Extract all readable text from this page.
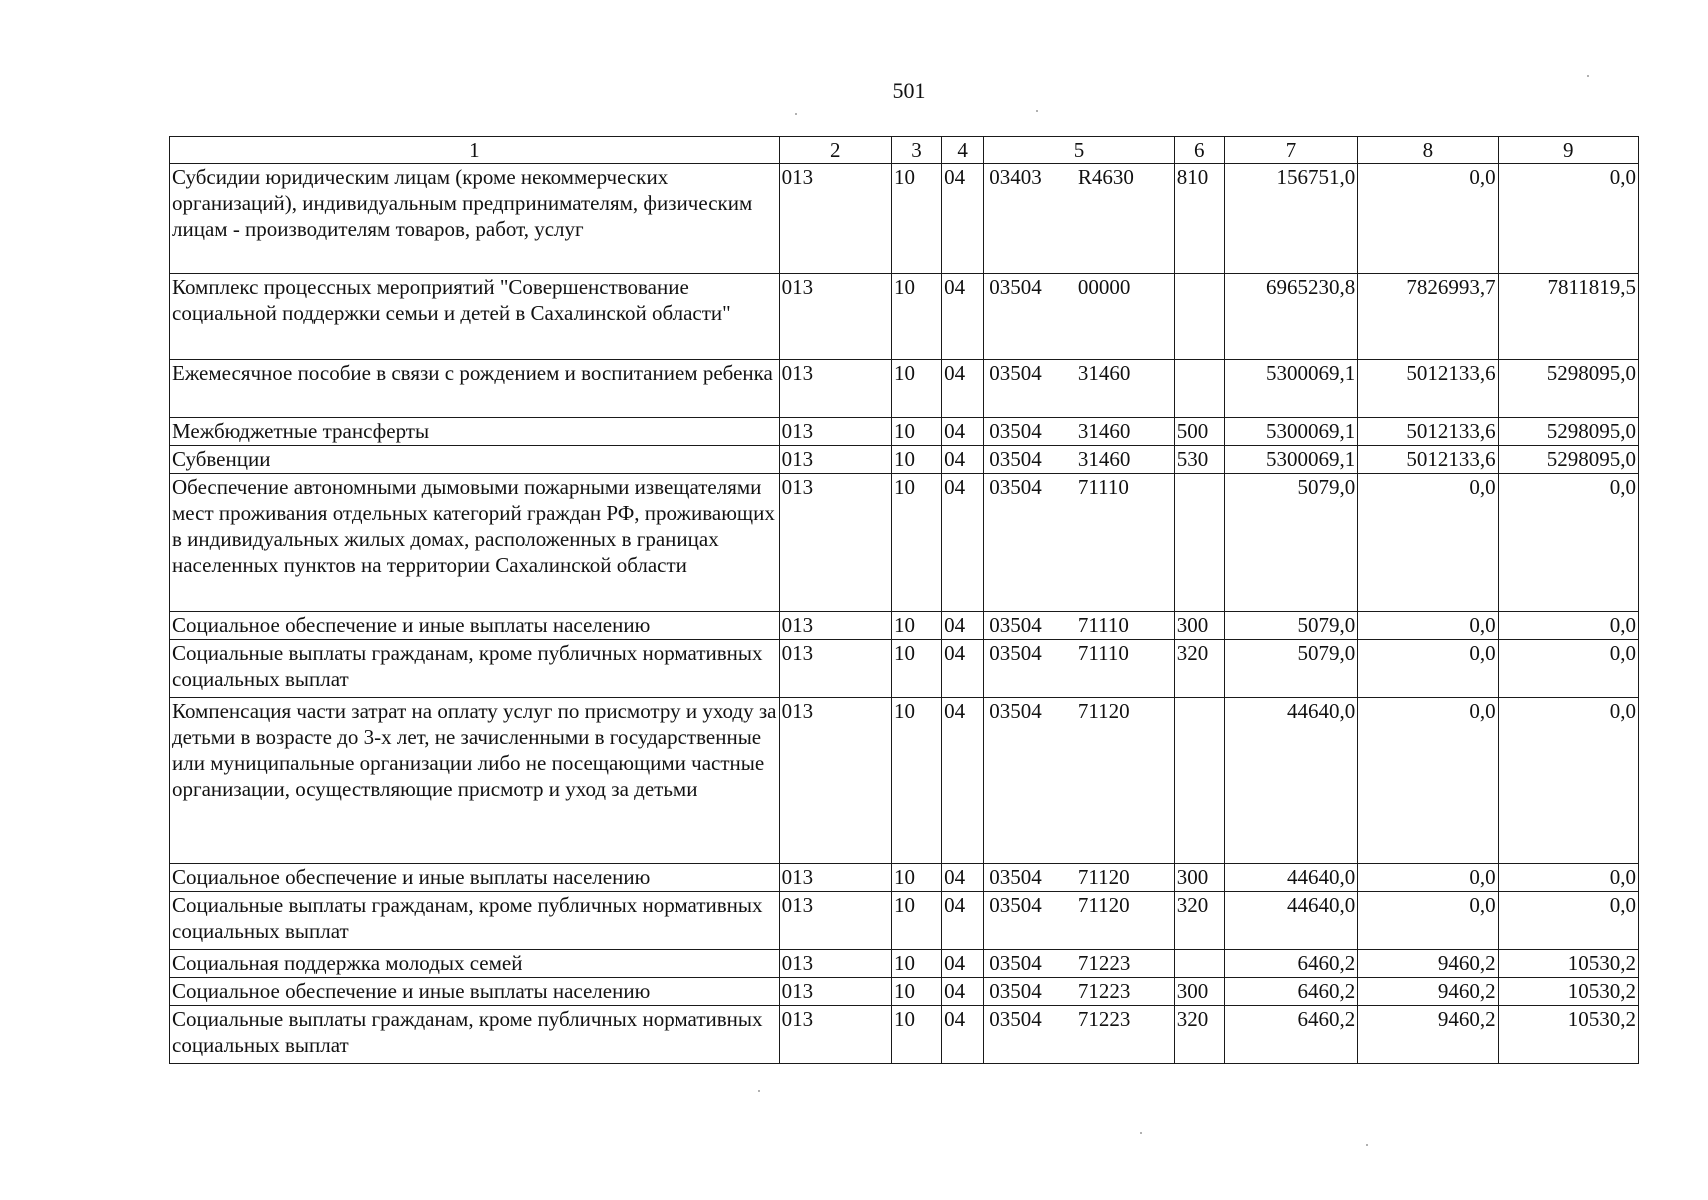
501
1	2	3	4	5	6	7	8	9
Субсидии юридическим лицам (кроме некоммерческих организаций), индивидуальным предпринимателям, физическим лицам - производителям товаров, работ, услуг	013	10	04	03403 R4630	810	156751,0	0,0	0,0
Комплекс процессных мероприятий "Совершенствование социальной поддержки семьи и детей в Сахалинской области"	013	10	04	03504 00000		6965230,8	7826993,7	7811819,5
Ежемесячное пособие в связи с рождением и воспитанием ребенка	013	10	04	03504 31460		5300069,1	5012133,6	5298095,0
Межбюджетные трансферты	013	10	04	03504 31460	500	5300069,1	5012133,6	5298095,0
Субвенции	013	10	04	03504 31460	530	5300069,1	5012133,6	5298095,0
Обеспечение автономными дымовыми пожарными извещателями мест проживания отдельных категорий граждан РФ, проживающих в индивидуальных жилых домах, расположенных в границах населенных пунктов на территории Сахалинской области	013	10	04	03504 71110		5079,0	0,0	0,0
Социальное обеспечение и иные выплаты населению	013	10	04	03504 71110	300	5079,0	0,0	0,0
Социальные выплаты гражданам, кроме публичных нормативных социальных выплат	013	10	04	03504 71110	320	5079,0	0,0	0,0
Компенсация части затрат на оплату услуг по присмотру и уходу за детьми в возрасте до 3-х лет, не зачисленными в государственные или муниципальные организации либо не посещающими частные организации, осуществляющие присмотр и уход за детьми	013	10	04	03504 71120		44640,0	0,0	0,0
Социальное обеспечение и иные выплаты населению	013	10	04	03504 71120	300	44640,0	0,0	0,0
Социальные выплаты гражданам, кроме публичных нормативных социальных выплат	013	10	04	03504 71120	320	44640,0	0,0	0,0
Социальная поддержка молодых семей	013	10	04	03504 71223		6460,2	9460,2	10530,2
Социальное обеспечение и иные выплаты населению	013	10	04	03504 71223	300	6460,2	9460,2	10530,2
Социальные выплаты гражданам, кроме публичных нормативных социальных выплат	013	10	04	03504 71223	320	6460,2	9460,2	10530,2
